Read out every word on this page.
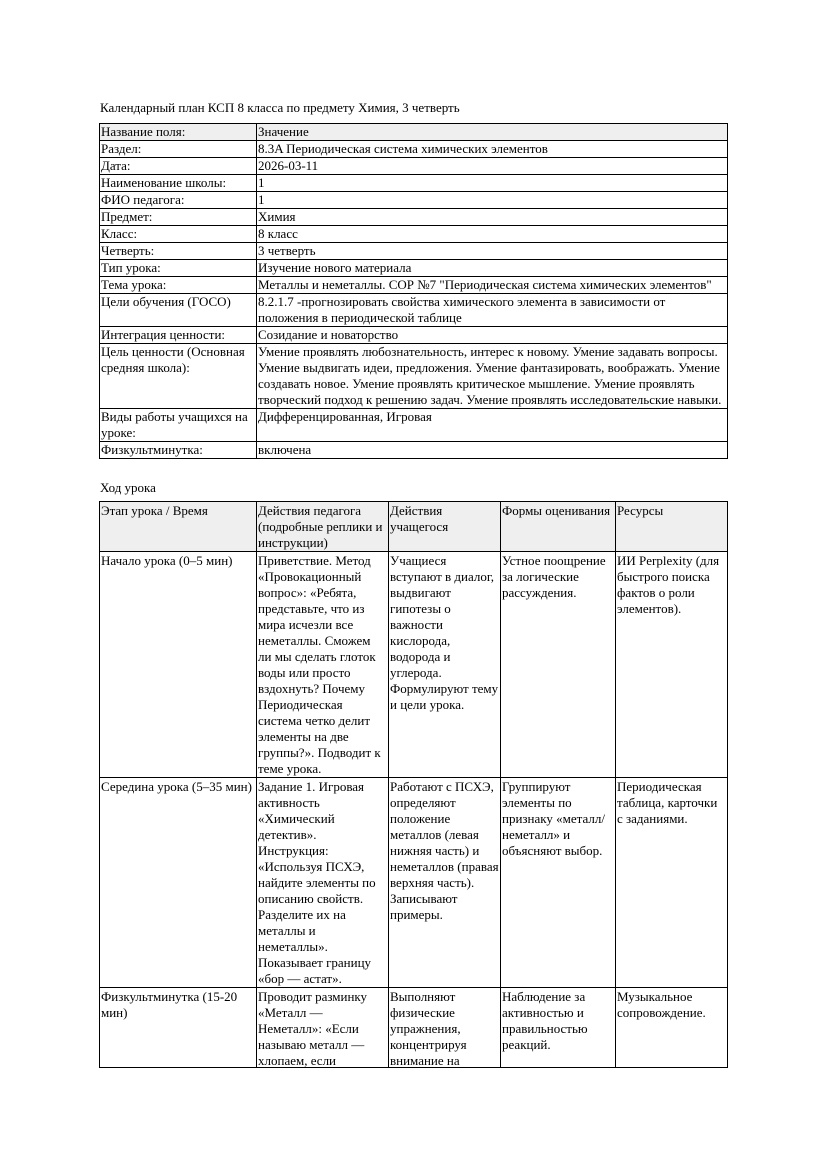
Календарный план КСП 8 класса по предмету Химия, 3 четверть
Название поля:	Значение
Раздел:	8.3A Периодическая система химических элементов
Дата:	2026-03-11
Наименование школы:	1
ФИО педагога:	1
Предмет:	Химия
Класс:	8 класс
Четверть:	3 четверть
Тип урока:	Изучение нового материала
Тема урока:	Металлы и неметаллы. СОР №7 "Периодическая система химических элементов"
Цели обучения (ГОСО)	8.2.1.7 -прогнозировать свойства химического элемента в зависимости от положения в периодической таблице
Интеграция ценности:	Созидание и новаторство
Цель ценности (Основная средняя школа):	Умение проявлять любознательность, интерес к новому. Умение задавать вопросы. Умение выдвигать идеи, предложения. Умение фантазировать, воображать. Умение создавать новое. Умение проявлять критическое мышление. Умение проявлять творческий подход к решению задач. Умение проявлять исследовательские навыки.
Виды работы учащихся на уроке:	Дифференцированная, Игровая
Физкультминутка:	включена
Ход урока
Этап урока / Время	Действия педагога (подробные реплики и инструкции)	Действия учащегося	Формы оценивания	Ресурсы
Начало урока (0–5 мин)	Приветствие. Метод «Провокационный вопрос»: «Ребята, представьте, что из мира исчезли все неметаллы. Сможем ли мы сделать глоток воды или просто вздохнуть? Почему Периодическая система четко делит элементы на две группы?». Подводит к теме урока.	Учащиеся вступают в диалог, выдвигают гипотезы о важности кислорода, водорода и углерода. Формулируют тему и цели урока.	Устное поощрение за логические рассуждения.	ИИ Perplexity (для быстрого поиска фактов о роли элементов).
Середина урока (5–35 мин)	Задание 1. Игровая активность «Химический детектив». Инструкция: «Используя ПСХЭ, найдите элементы по описанию свойств. Разделите их на металлы и неметаллы». Показывает границу «бор — астат».	Работают с ПСХЭ, определяют положение металлов (левая нижняя часть) и неметаллов (правая верхняя часть). Записывают примеры.	Группируют элементы по признаку «металл/неметалл» и объясняют выбор.	Периодическая таблица, карточки с заданиями.

Физкультминутка (15-20 мин)	Проводит разминку «Металл — Неметалл»: «Если называю металл — хлопаем, если	Выполняют физические упражнения, концентрируя внимание на	Наблюдение за активностью и правильностью реакций.	Музыкальное сопровождение.
